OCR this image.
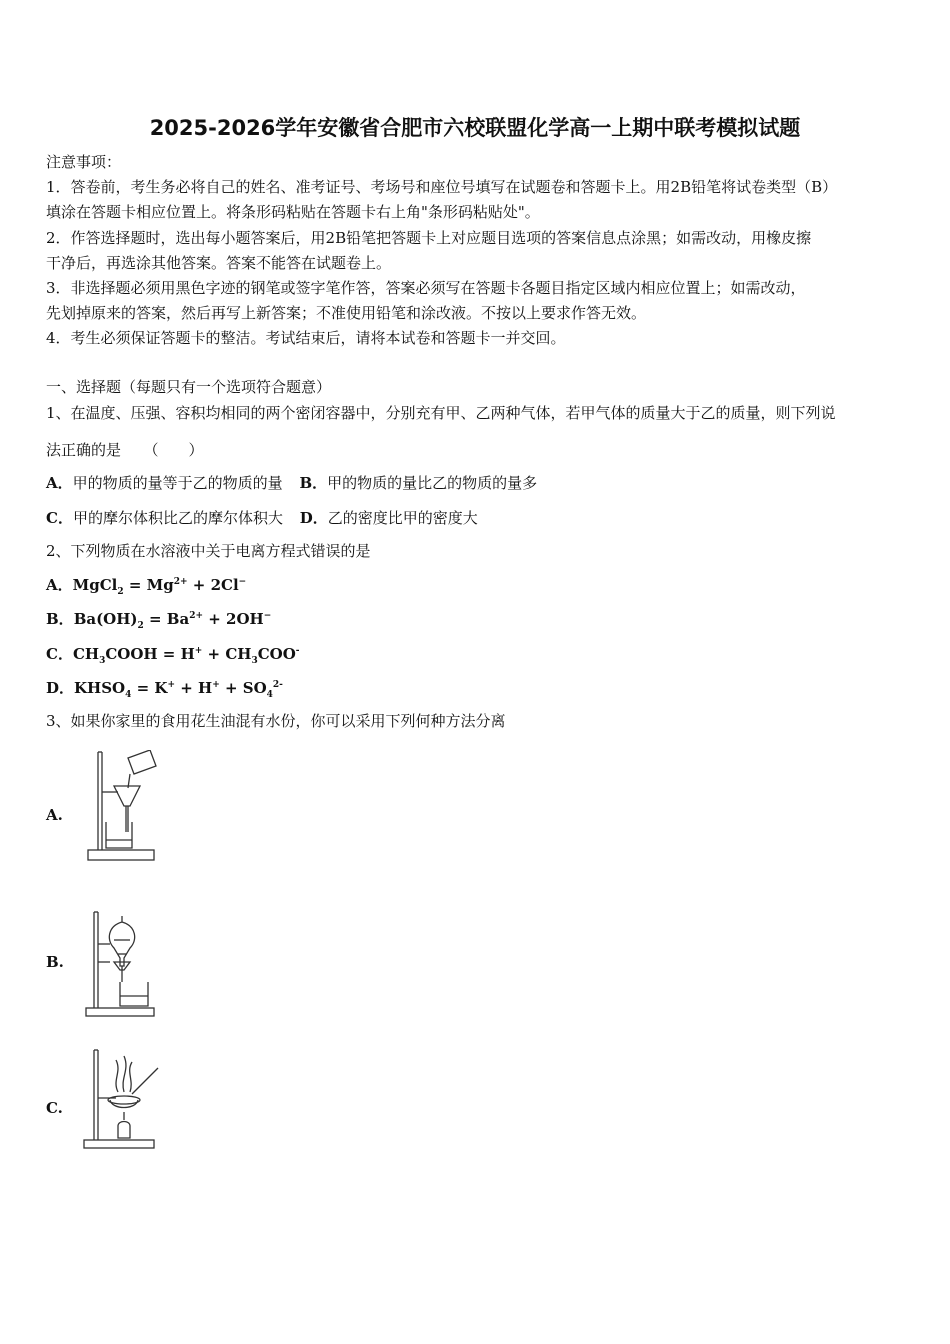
2025-2026学年安徽省合肥市六校联盟化学高一上期中联考模拟试题
注意事项：
1．答卷前，考生务必将自己的姓名、准考证号、考场号和座位号填写在试题卷和答题卡上。用2B铅笔将试卷类型（B）
填涂在答题卡相应位置上。将条形码粘贴在答题卡右上角"条形码粘贴处"。
2．作答选择题时，选出每小题答案后，用2B铅笔把答题卡上对应题目选项的答案信息点涂黑；如需改动，用橡皮擦
干净后，再选涂其他答案。答案不能答在试题卷上。
3．非选择题必须用黑色字迹的钢笔或签字笔作答，答案必须写在答题卡各题目指定区域内相应位置上；如需改动，
先划掉原来的答案，然后再写上新答案；不准使用铅笔和涂改液。不按以上要求作答无效。
4．考生必须保证答题卡的整洁。考试结束后，请将本试卷和答题卡一并交回。
一、选择题（每题只有一个选项符合题意）
1、在温度、压强、容积均相同的两个密闭容器中，分别充有甲、乙两种气体，若甲气体的质量大于乙的质量，则下列说
法正确的是　　（　　）
A．甲的物质的量等于乙的物质的量 B．甲的物质的量比乙的物质的量多
C．甲的摩尔体积比乙的摩尔体积大 D．乙的密度比甲的密度大
2、下列物质在水溶液中关于电离方程式错误的是
A．MgCl$_2$ = $Mg^{2+} + 2Cl^-$
B．$Ba(OH)_2 = Ba^{2+} + 2OH^-$
C．$CH_3COOH = H^+ + CH_3COO^-$
D．$KHSO_4 = K^+ + H^+ + SO_4^{2-}$
3、如果你家里的食用花生油混有水份，你可以采用下列何种方法分离
A.
B.
C.
